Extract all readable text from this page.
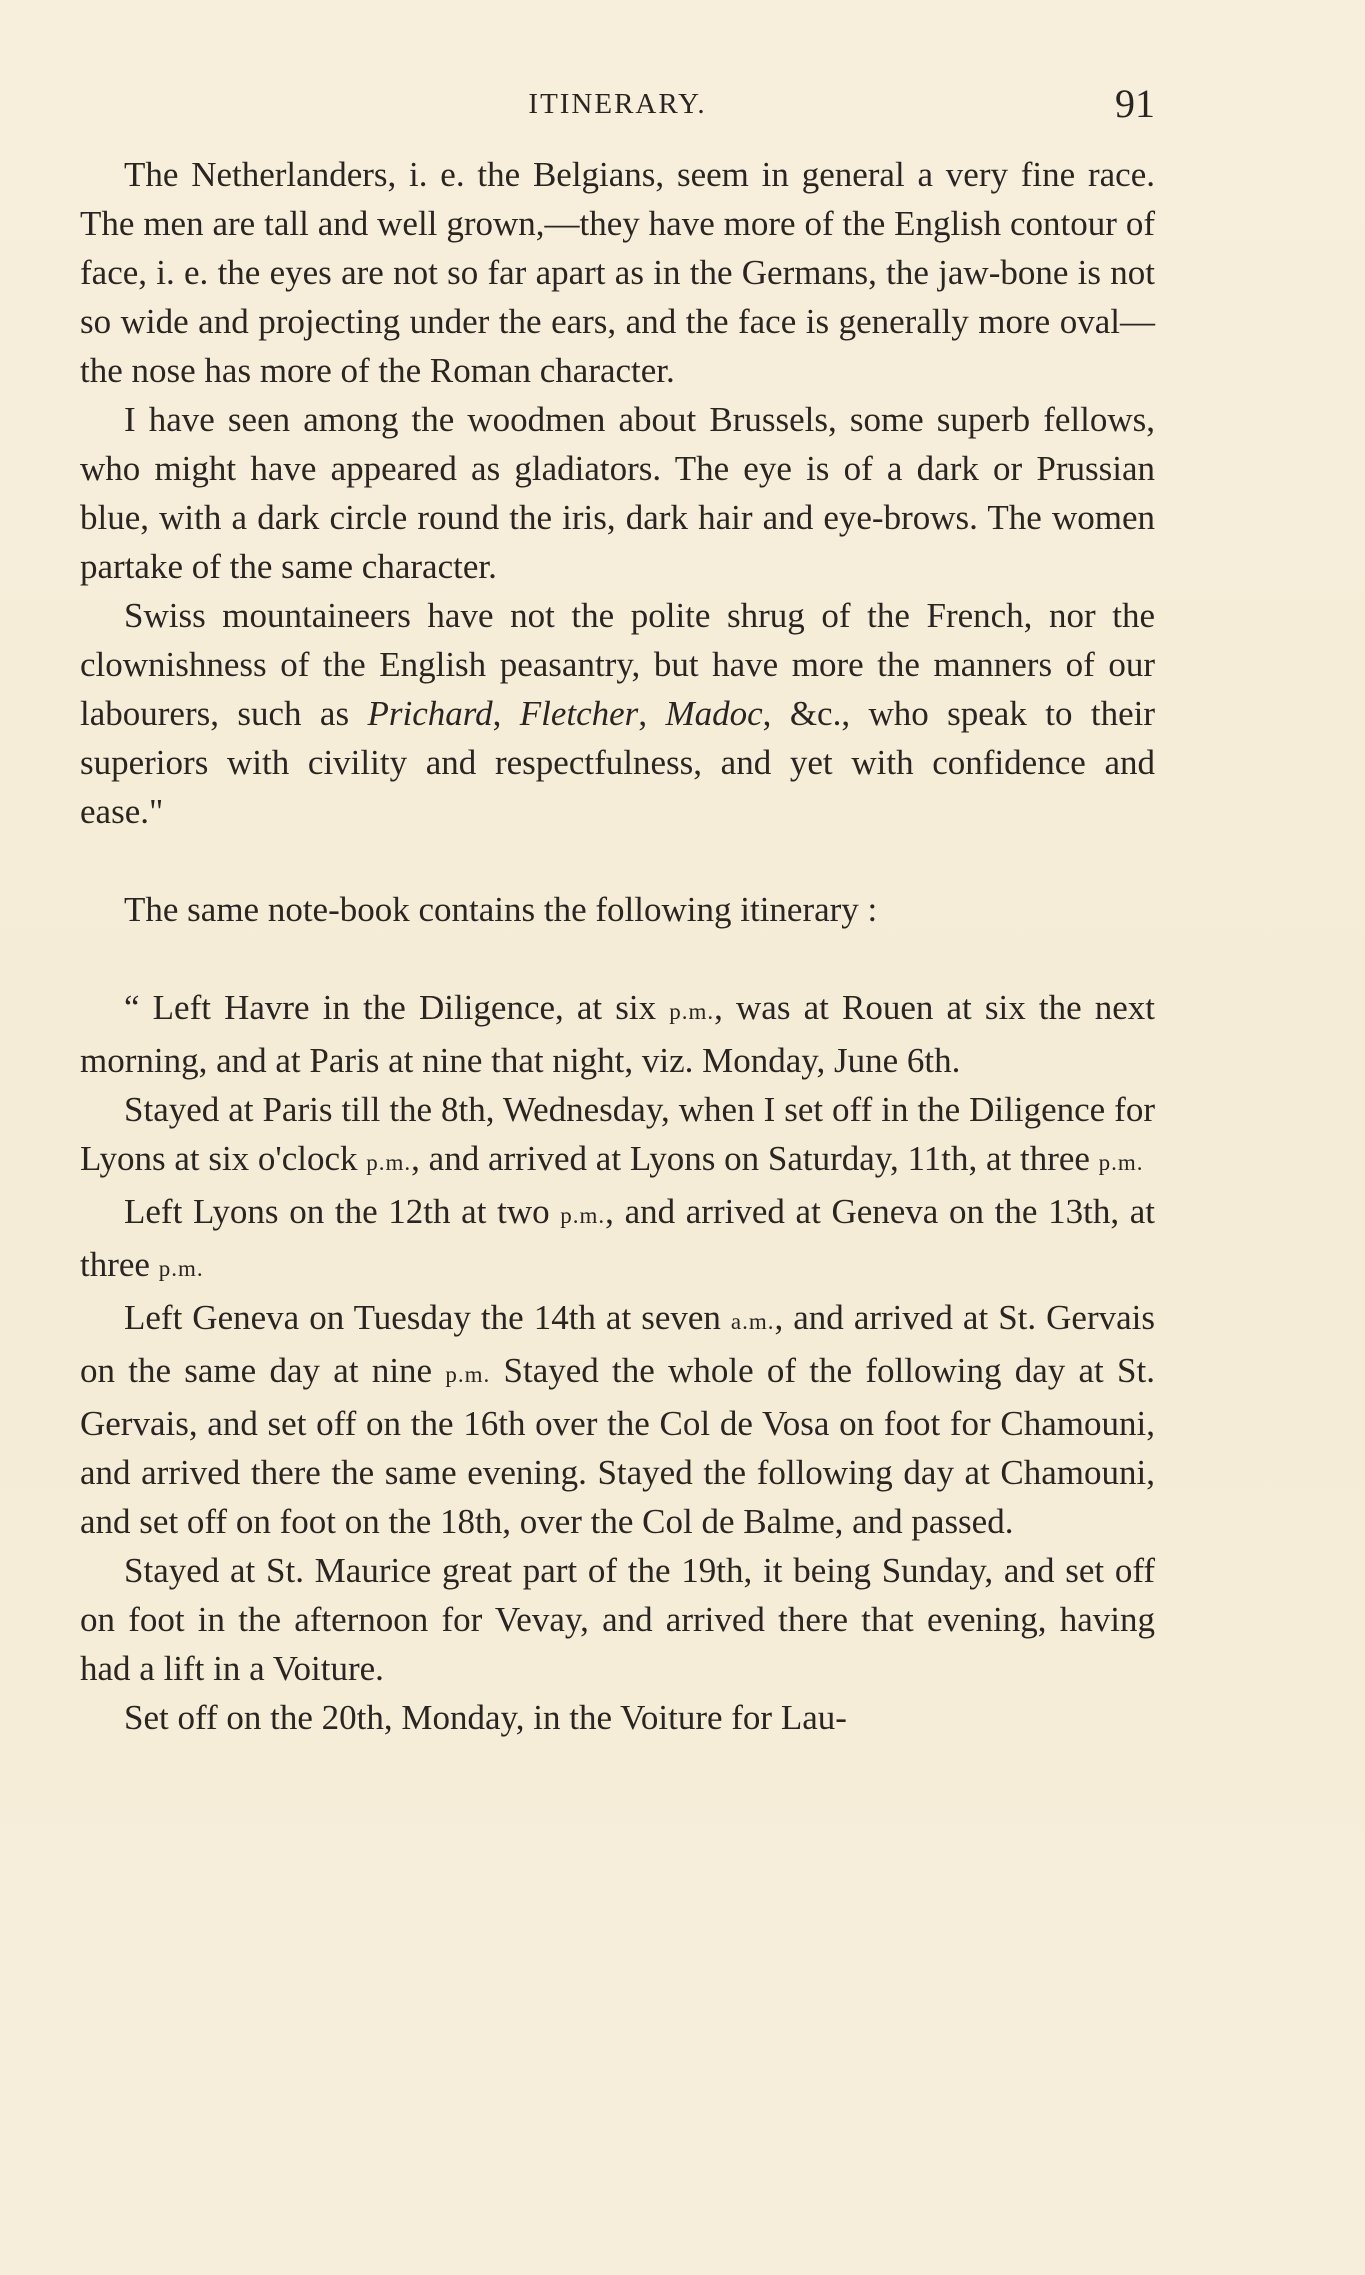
ITINERARY.	91

The Netherlanders, i. e. the Belgians, seem in general a very fine race. The men are tall and well grown,—they have more of the English contour of face, i. e. the eyes are not so far apart as in the Germans, the jaw-bone is not so wide and projecting under the ears, and the face is generally more oval—the nose has more of the Roman character.

I have seen among the woodmen about Brussels, some superb fellows, who might have appeared as gladiators. The eye is of a dark or Prussian blue, with a dark circle round the iris, dark hair and eye-brows. The women partake of the same character.

Swiss mountaineers have not the polite shrug of the French, nor the clownishness of the English peasantry, but have more the manners of our labourers, such as Prichard, Fletcher, Madoc, &c., who speak to their superiors with civility and respectfulness, and yet with confidence and ease."

The same note-book contains the following itinerary :

“ Left Havre in the Diligence, at six p.m., was at Rouen at six the next morning, and at Paris at nine that night, viz. Monday, June 6th.

Stayed at Paris till the 8th, Wednesday, when I set off in the Diligence for Lyons at six o'clock p.m., and arrived at Lyons on Saturday, 11th, at three p.m.

Left Lyons on the 12th at two p.m., and arrived at Geneva on the 13th, at three p.m.

Left Geneva on Tuesday the 14th at seven a.m., and arrived at St. Gervais on the same day at nine p.m. Stayed the whole of the following day at St. Gervais, and set off on the 16th over the Col de Vosa on foot for Chamouni, and arrived there the same evening. Stayed the following day at Chamouni, and set off on foot on the 18th, over the Col de Balme, and passed.

Stayed at St. Maurice great part of the 19th, it being Sunday, and set off on foot in the afternoon for Vevay, and arrived there that evening, having had a lift in a Voiture.

Set off on the 20th, Monday, in the Voiture for Lau-
